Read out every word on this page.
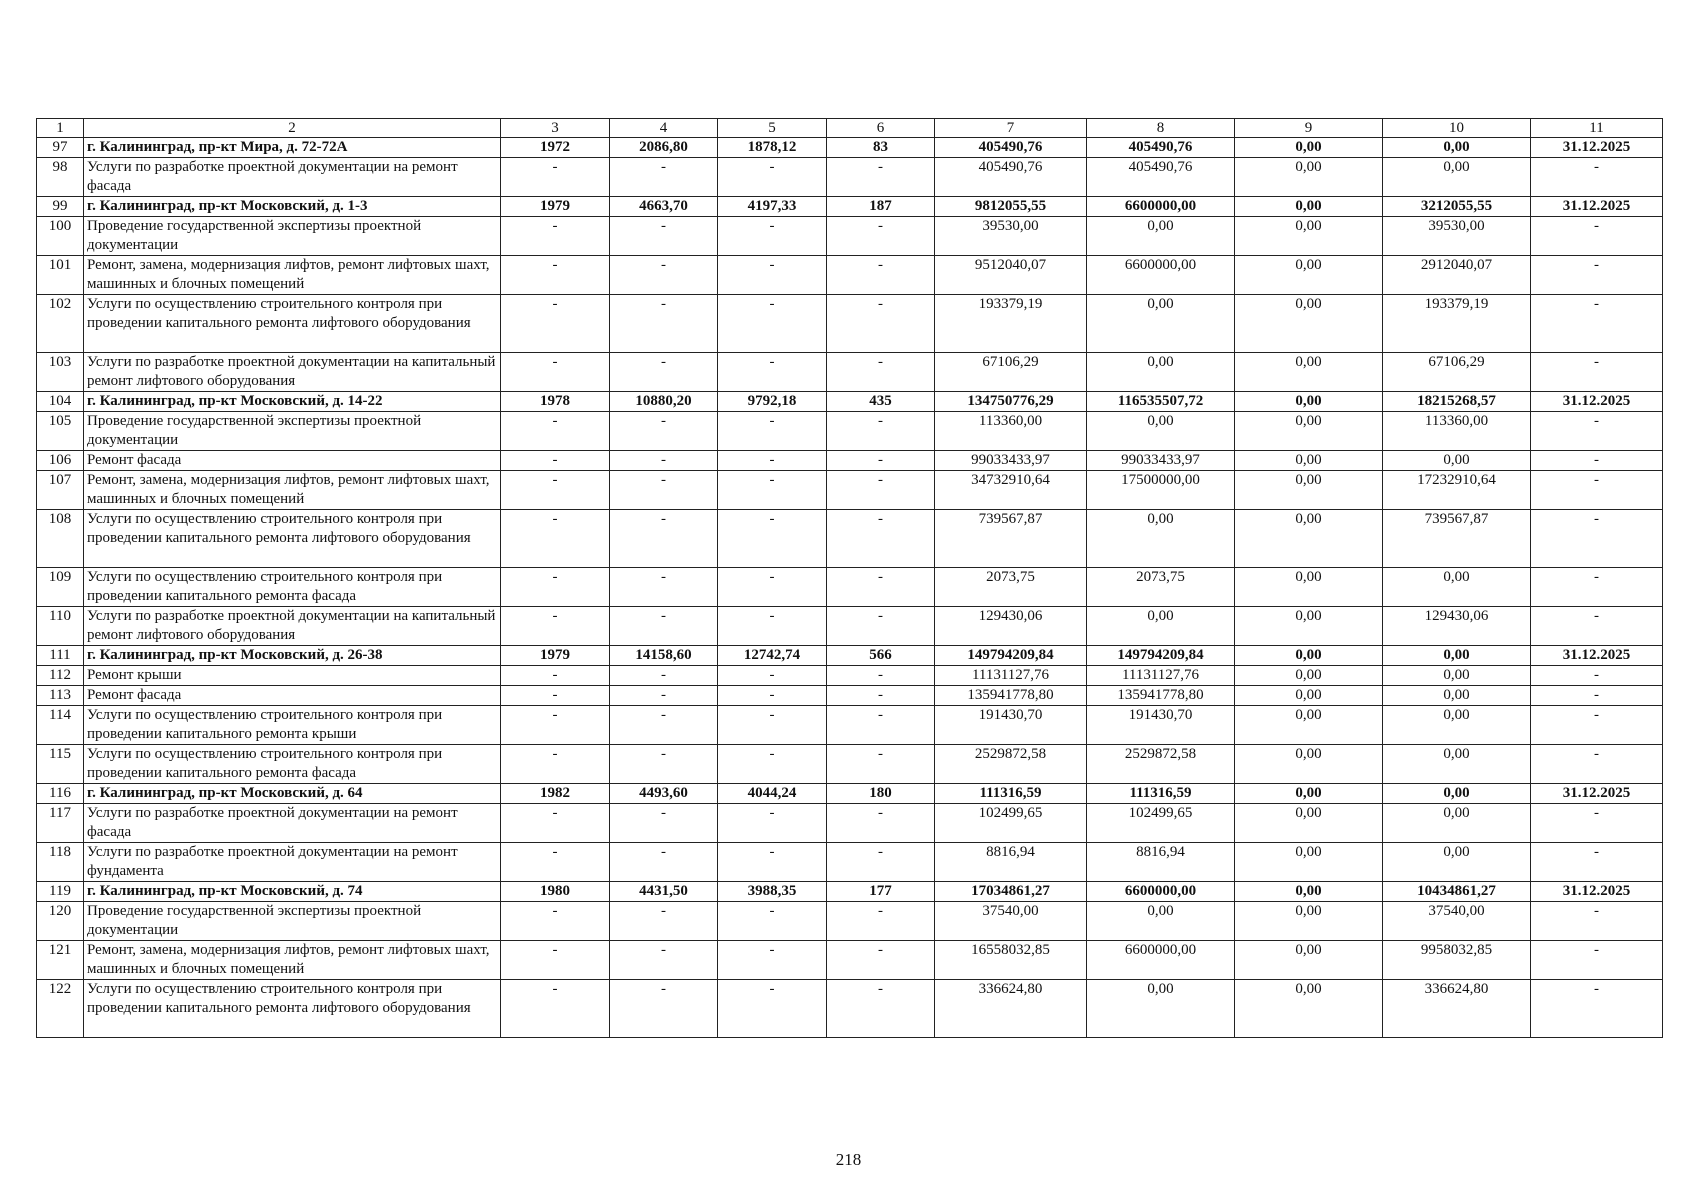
1	2	3	4	5	6	7	8	9	10	11
97	г. Калининград, пр-кт Мира, д. 72-72А	1972	2086,80	1878,12	83	405490,76	405490,76	0,00	0,00	31.12.2025
98	Услуги по разработке проектной документации на ремонт фасада	-	-	-	-	405490,76	405490,76	0,00	0,00	-
99	г. Калининград, пр-кт Московский, д. 1-3	1979	4663,70	4197,33	187	9812055,55	6600000,00	0,00	3212055,55	31.12.2025
100	Проведение государственной экспертизы проектной документации	-	-	-	-	39530,00	0,00	0,00	39530,00	-
101	Ремонт, замена, модернизация лифтов, ремонт лифтовых шахт, машинных и блочных помещений	-	-	-	-	9512040,07	6600000,00	0,00	2912040,07	-
102	Услуги по осуществлению строительного контроля при проведении капитального ремонта лифтового оборудования	-	-	-	-	193379,19	0,00	0,00	193379,19	-
103	Услуги по разработке проектной документации на капитальный ремонт лифтового оборудования	-	-	-	-	67106,29	0,00	0,00	67106,29	-
104	г. Калининград, пр-кт Московский, д. 14-22	1978	10880,20	9792,18	435	134750776,29	116535507,72	0,00	18215268,57	31.12.2025
105	Проведение государственной экспертизы проектной документации	-	-	-	-	113360,00	0,00	0,00	113360,00	-
106	Ремонт фасада	-	-	-	-	99033433,97	99033433,97	0,00	0,00	-
107	Ремонт, замена, модернизация лифтов, ремонт лифтовых шахт, машинных и блочных помещений	-	-	-	-	34732910,64	17500000,00	0,00	17232910,64	-
108	Услуги по осуществлению строительного контроля при проведении капитального ремонта лифтового оборудования	-	-	-	-	739567,87	0,00	0,00	739567,87	-
109	Услуги по осуществлению строительного контроля при проведении капитального ремонта фасада	-	-	-	-	2073,75	2073,75	0,00	0,00	-
110	Услуги по разработке проектной документации на капитальный ремонт лифтового оборудования	-	-	-	-	129430,06	0,00	0,00	129430,06	-
111	г. Калининград, пр-кт Московский, д. 26-38	1979	14158,60	12742,74	566	149794209,84	149794209,84	0,00	0,00	31.12.2025
112	Ремонт крыши	-	-	-	-	11131127,76	11131127,76	0,00	0,00	-
113	Ремонт фасада	-	-	-	-	135941778,80	135941778,80	0,00	0,00	-
114	Услуги по осуществлению строительного контроля при проведении капитального ремонта крыши	-	-	-	-	191430,70	191430,70	0,00	0,00	-
115	Услуги по осуществлению строительного контроля при проведении капитального ремонта фасада	-	-	-	-	2529872,58	2529872,58	0,00	0,00	-
116	г. Калининград, пр-кт Московский, д. 64	1982	4493,60	4044,24	180	111316,59	111316,59	0,00	0,00	31.12.2025
117	Услуги по разработке проектной документации на ремонт фасада	-	-	-	-	102499,65	102499,65	0,00	0,00	-
118	Услуги по разработке проектной документации на ремонт фундамента	-	-	-	-	8816,94	8816,94	0,00	0,00	-
119	г. Калининград, пр-кт Московский, д. 74	1980	4431,50	3988,35	177	17034861,27	6600000,00	0,00	10434861,27	31.12.2025
120	Проведение государственной экспертизы проектной документации	-	-	-	-	37540,00	0,00	0,00	37540,00	-
121	Ремонт, замена, модернизация лифтов, ремонт лифтовых шахт, машинных и блочных помещений	-	-	-	-	16558032,85	6600000,00	0,00	9958032,85	-
122	Услуги по осуществлению строительного контроля при проведении капитального ремонта лифтового оборудования	-	-	-	-	336624,80	0,00	0,00	336624,80	-
218
